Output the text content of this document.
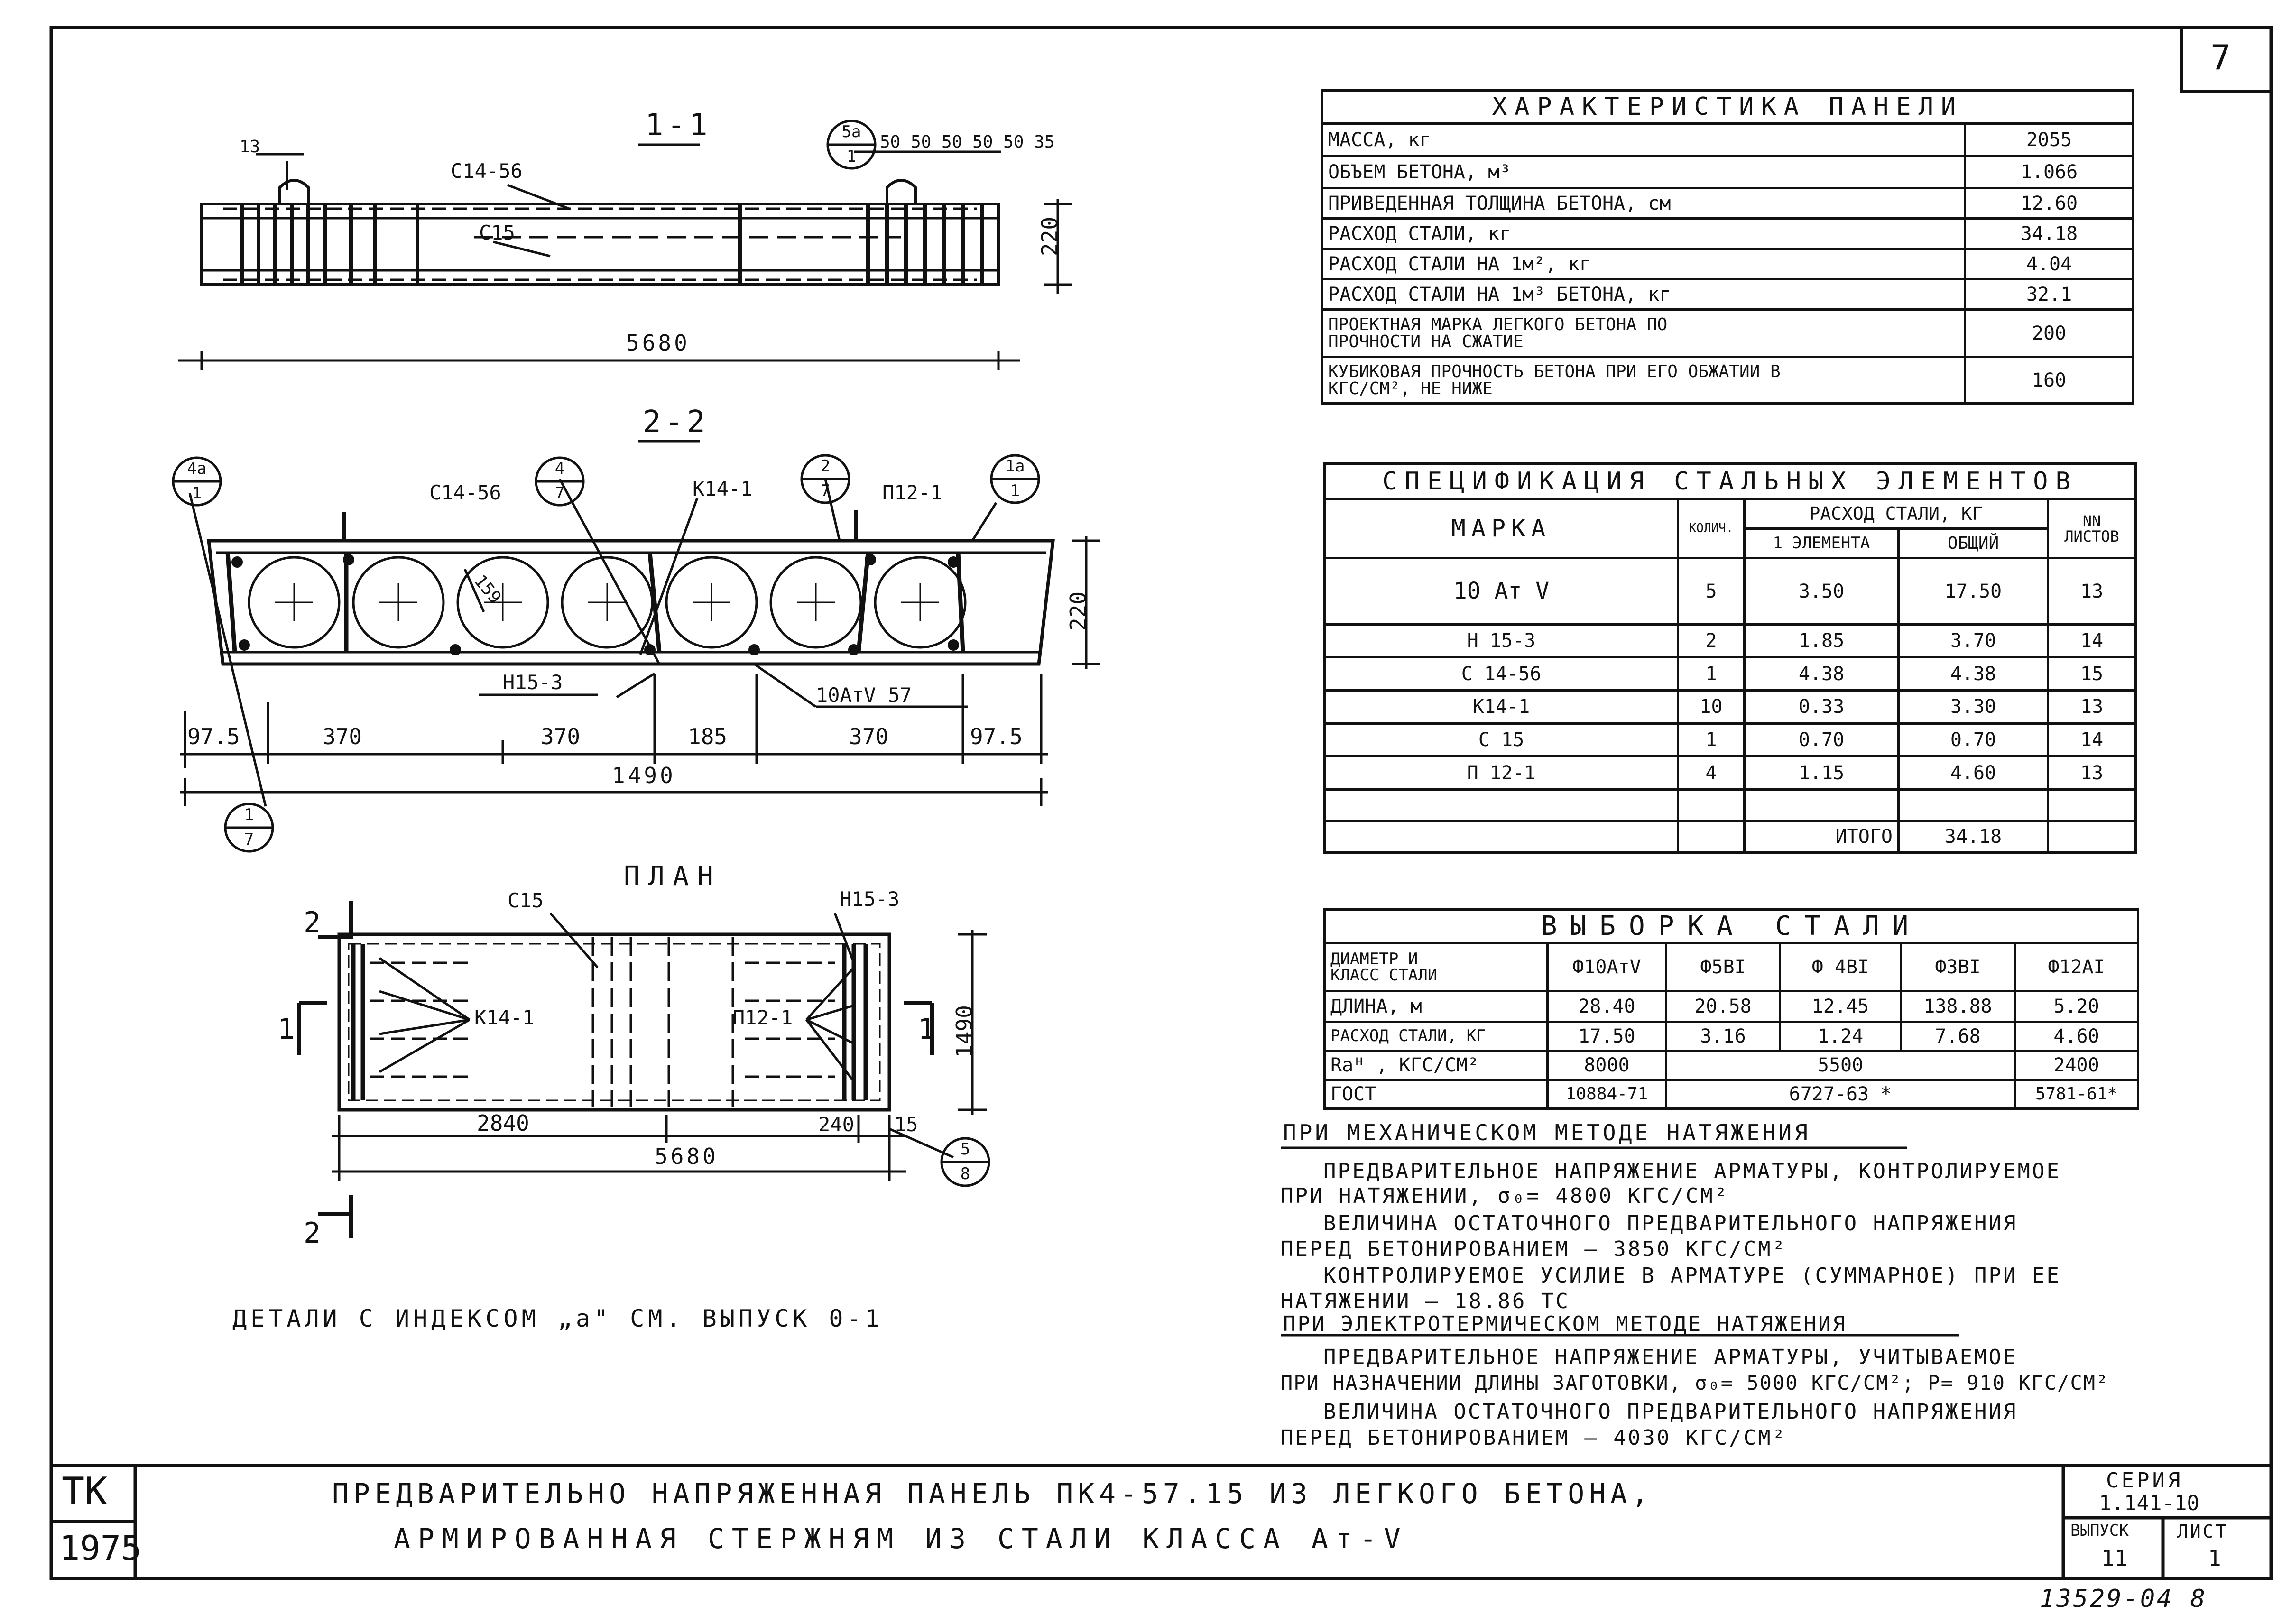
7
1-1
13
С14-56
С15
5а
1
50 50 50 50 50 35
220
5680
2-2
4а
1
4
7
2
7
1а
1
1
7
С14-56	К14-1	П12-1
159
Н15-3
10АтV 57
220
97.5	370	370	185	370	97.5
1490
ПЛАН
С15	Н15-3
К14-1	П12-1
2
2
1	1 1490
2840	240 15
5680	5
8
ДЕТАЛИ С ИНДЕКСОМ „а" СМ. ВЫПУСК 0-1
ХАРАКТЕРИСТИКА ПАНЕЛИ	
МАССА, кг	2055
ОБЪЕМ БЕТОНА, м³	1.066
ПРИВЕДЕННАЯ ТОЛЩИНА БЕТОНА, см	12.60
РАСХОД СТАЛИ, кг	34.18
РАСХОД СТАЛИ НА 1м², кг	4.04
РАСХОД СТАЛИ НА 1м³ БЕТОНА, кг	32.1
ПРОЕКТНАЯ МАРКА ЛЕГКОГО БЕТОНА ПО ПРОЧНОСТИ НА СЖАТИЕ	200
КУБИКОВАЯ ПРОЧНОСТЬ БЕТОНА ПРИ ЕГО ОБЖАТИИ В КГС/СМ², НЕ НИЖЕ	160
СПЕЦИФИКАЦИЯ СТАЛЬНЫХ ЭЛЕМЕНТОВ				
МАРКА	КОЛИЧ.	РАСХОД СТАЛИ, КГ		NN ЛИСТОВ
		1 ЭЛЕМЕНТА	ОБЩИЙ	
10 Ат V	5	3.50	17.50	13
Н 15-3	2	1.85	3.70	14
С 14-56	1	4.38	4.38	15
К14-1	10	0.33	3.30	13
С 15	1	0.70	0.70	14
П 12-1	4	1.15	4.60	13

		ИТОГО	34.18	
ВЫБОРКА СТАЛИ					
ДИАМЕТР И КЛАСС СТАЛИ	Ф10АтV	Ф5ВI	Ф 4ВI	Ф3ВI	Ф12АI
ДЛИНА, м	28.40	20.58	12.45	138.88	5.20
РАСХОД СТАЛИ, КГ	17.50	3.16	1.24	7.68	4.60
Raᴴ , КГС/СМ²	8000	5500			2400
ГОСТ	10884-71	6727-63 *			5781-61*
ПРИ МЕХАНИЧЕСКОМ МЕТОДЕ НАТЯЖЕНИЯ
ПРЕДВАРИТЕЛЬНОЕ НАПРЯЖЕНИЕ АРМАТУРЫ, КОНТРОЛИРУЕМОЕ
ПРИ НАТЯЖЕНИИ, σ₀= 4800 КГС/СМ²
ВЕЛИЧИНА ОСТАТОЧНОГО ПРЕДВАРИТЕЛЬНОГО НАПРЯЖЕНИЯ
ПЕРЕД БЕТОНИРОВАНИЕМ – 3850 КГС/СМ²
КОНТРОЛИРУЕМОЕ УСИЛИЕ В АРМАТУРЕ (СУММАРНОЕ) ПРИ ЕЕ
НАТЯЖЕНИИ – 18.86 ТС
ПРИ ЭЛЕКТРОТЕРМИЧЕСКОМ МЕТОДЕ НАТЯЖЕНИЯ
ПРЕДВАРИТЕЛЬНОЕ НАПРЯЖЕНИЕ АРМАТУРЫ, УЧИТЫВАЕМОЕ
ПРИ НАЗНАЧЕНИИ ДЛИНЫ ЗАГОТОВКИ, σ₀= 5000 КГС/СМ²; Р= 910 КГС/СМ²
ВЕЛИЧИНА ОСТАТОЧНОГО ПРЕДВАРИТЕЛЬНОГО НАПРЯЖЕНИЯ
ПЕРЕД БЕТОНИРОВАНИЕМ – 4030 КГС/СМ²
ТК
1975
ПРЕДВАРИТЕЛЬНО НАПРЯЖЕННАЯ ПАНЕЛЬ ПК4-57.15 ИЗ ЛЕГКОГО БЕТОНА,
АРМИРОВАННАЯ СТЕРЖНЯМ ИЗ СТАЛИ КЛАССА Ат-V
СЕРИЯ
1.141-10
ВЫПУСК
11
ЛИСТ
1
13529-04 8
